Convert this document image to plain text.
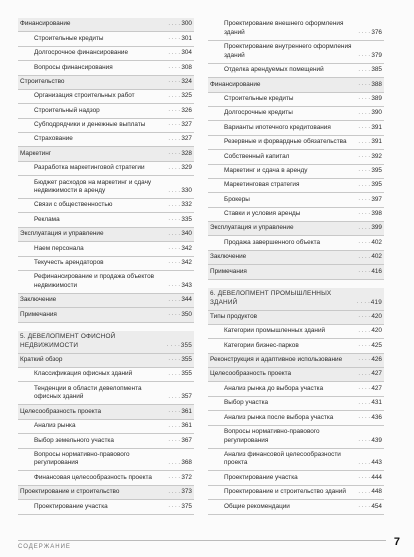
Финансирование	. . . . 300
Строительные кредиты	. . . . 301
Долгосрочное финансирование	. . . . 304
Вопросы финансирования	. . . . 308
Строительство	. . . . 324
Организация строительных работ	. . . . 325
Строительный надзор	. . . . 326
Субподрядчики и денежные выплаты	. . . . 327
Страхование	. . . . 327
Маркетинг	. . . . 328
Разработка маркетинговой стратегии	. . . . 329
Бюджет расходов на маркетинг и сдачу недвижимости в аренду	. . . . 330
Связи с общественностью	. . . . 332
Реклама	. . . . 335
Эксплуатация и управление	. . . . 340
Наем персонала	. . . . 342
Текучесть арендаторов	. . . . 342
Рефинансирование и продажа объектов недвижимости	. . . . 343
Заключение	. . . . 344
Примечания	. . . . 350
5. ДЕВЕЛОПМЕНТ ОФИСНОЙ НЕДВИЖИМОСТИ	. . . . 355
Краткий обзор	. . . . 355
Классификация офисных зданий	. . . . 355
Тенденции в области девелопмента офисных зданий	. . . . 357
Целесообразность проекта	. . . . 361
Анализ рынка	. . . . 361
Выбор земельного участка	. . . . 367
Вопросы нормативно-правового регулирования	. . . . 368
Финансовая целесообразность проекта	. . . . 372
Проектирование и строительство	. . . . 373
Проектирование участка	. . . . 375
Проектирование внешнего оформления зданий	. . . . 376
Проектирование внутреннего оформления зданий	. . . . 379
Отделка арендуемых помещений	. . . . 385
Финансирование	. . . . 388
Строительные кредиты	. . . . 389
Долгосрочные кредиты	. . . . 390
Варианты ипотечного кредитования	. . . . 391
Резервные и форвардные обязательства	. . . . 391
Собственный капитал	. . . . 392
Маркетинг и сдача в аренду	. . . . 395
Маркетинговая стратегия	. . . . 395
Брокеры	. . . . 397
Ставки и условия аренды	. . . . 398
Эксплуатация и управление	. . . . 399
Продажа завершенного объекта	. . . . 402
Заключение	. . . . 402
Примечания	. . . . 416
6. ДЕВЕЛОПМЕНТ ПРОМЫШЛЕННЫХ ЗДАНИЙ	. . . . 419
Типы продуктов	. . . . 420
Категории промышленных зданий	. . . . 420
Категории бизнес-парков	. . . . 425
Реконструкция и адаптивное использование	. . . . 426
Целесообразность проекта	. . . . 427
Анализ рынка до выбора участка	. . . . 427
Выбор участка	. . . . 431
Анализ рынка после выбора участка	. . . . 436
Вопросы нормативно-правового регулирования	. . . . 439
Анализ финансовой целесообразности проекта	. . . . 443
Проектирование участка	. . . . 444
Проектирование и строительство зданий	. . . . 448
Общие рекомендации	. . . . 454
СОДЕРЖАНИЕ	7
